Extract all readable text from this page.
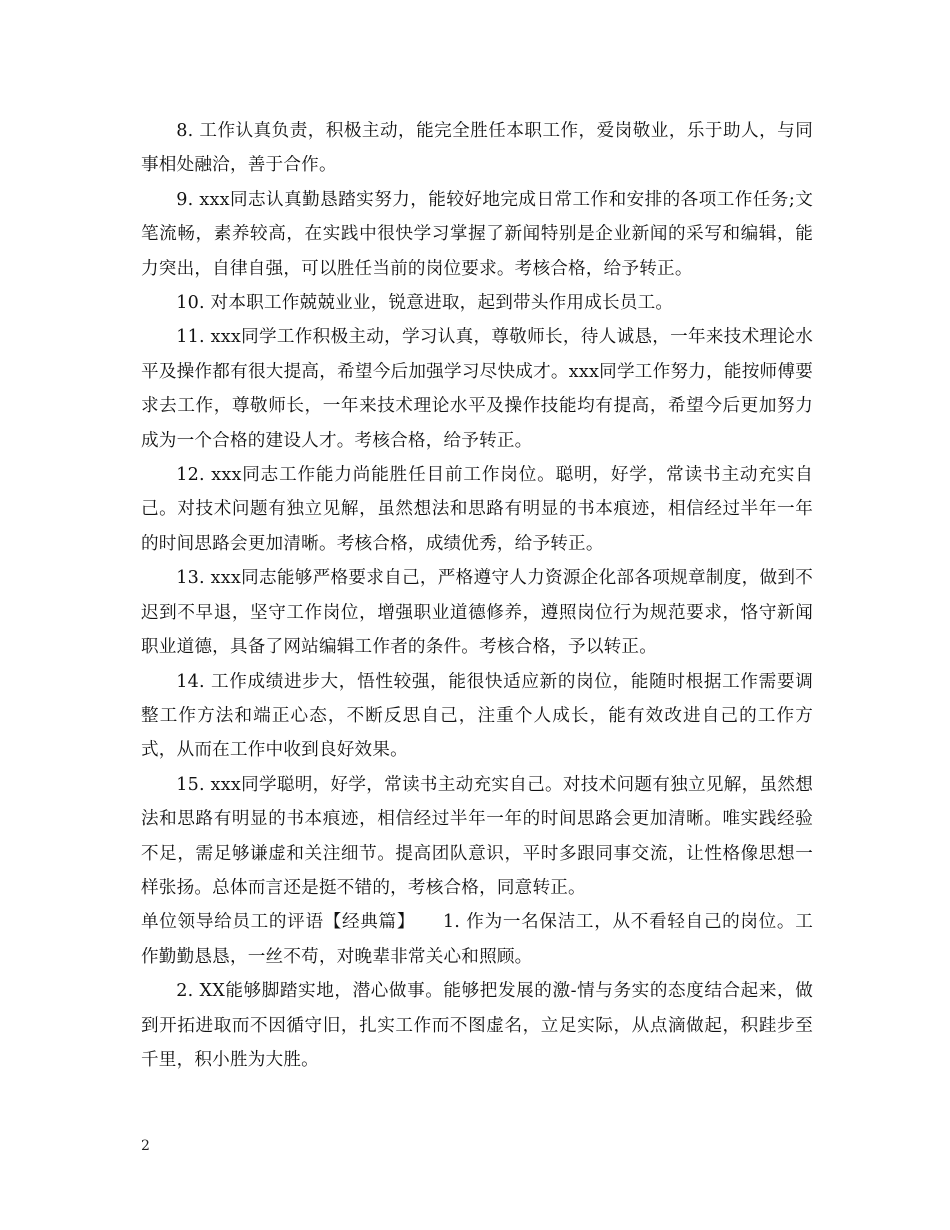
8. 工作认真负责，积极主动，能完全胜任本职工作，爱岗敬业，乐于助人，与同事相处融洽，善于合作。

9. xxx同志认真勤恳踏实努力，能较好地完成日常工作和安排的各项工作任务;文笔流畅，素养较高，在实践中很快学习掌握了新闻特别是企业新闻的采写和编辑，能力突出，自律自强，可以胜任当前的岗位要求。考核合格，给予转正。

10. 对本职工作兢兢业业，锐意进取，起到带头作用成长员工。

11. xxx同学工作积极主动，学习认真，尊敬师长，待人诚恳，一年来技术理论水平及操作都有很大提高，希望今后加强学习尽快成才。xxx同学工作努力，能按师傅要求去工作，尊敬师长，一年来技术理论水平及操作技能均有提高，希望今后更加努力成为一个合格的建设人才。考核合格，给予转正。

12. xxx同志工作能力尚能胜任目前工作岗位。聪明，好学，常读书主动充实自己。对技术问题有独立见解，虽然想法和思路有明显的书本痕迹，相信经过半年一年的时间思路会更加清晰。考核合格，成绩优秀，给予转正。

13. xxx同志能够严格要求自己，严格遵守人力资源企化部各项规章制度，做到不迟到不早退，坚守工作岗位，增强职业道德修养，遵照岗位行为规范要求，恪守新闻职业道德，具备了网站编辑工作者的条件。考核合格，予以转正。

14. 工作成绩进步大，悟性较强，能很快适应新的岗位，能随时根据工作需要调整工作方法和端正心态，不断反思自己，注重个人成长，能有效改进自己的工作方式，从而在工作中收到良好效果。

15. xxx同学聪明，好学，常读书主动充实自己。对技术问题有独立见解，虽然想法和思路有明显的书本痕迹，相信经过半年一年的时间思路会更加清晰。唯实践经验不足，需足够谦虚和关注细节。提高团队意识，平时多跟同事交流，让性格像思想一样张扬。总体而言还是挺不错的，考核合格，同意转正。

单位领导给员工的评语【经典篇】　　1. 作为一名保洁工，从不看轻自己的岗位。工作勤勤恳恳，一丝不苟，对晚辈非常关心和照顾。

2. XX能够脚踏实地，潜心做事。能够把发展的激-情与务实的态度结合起来，做到开拓进取而不因循守旧，扎实工作而不图虚名，立足实际，从点滴做起，积跬步至千里，积小胜为大胜。

2
